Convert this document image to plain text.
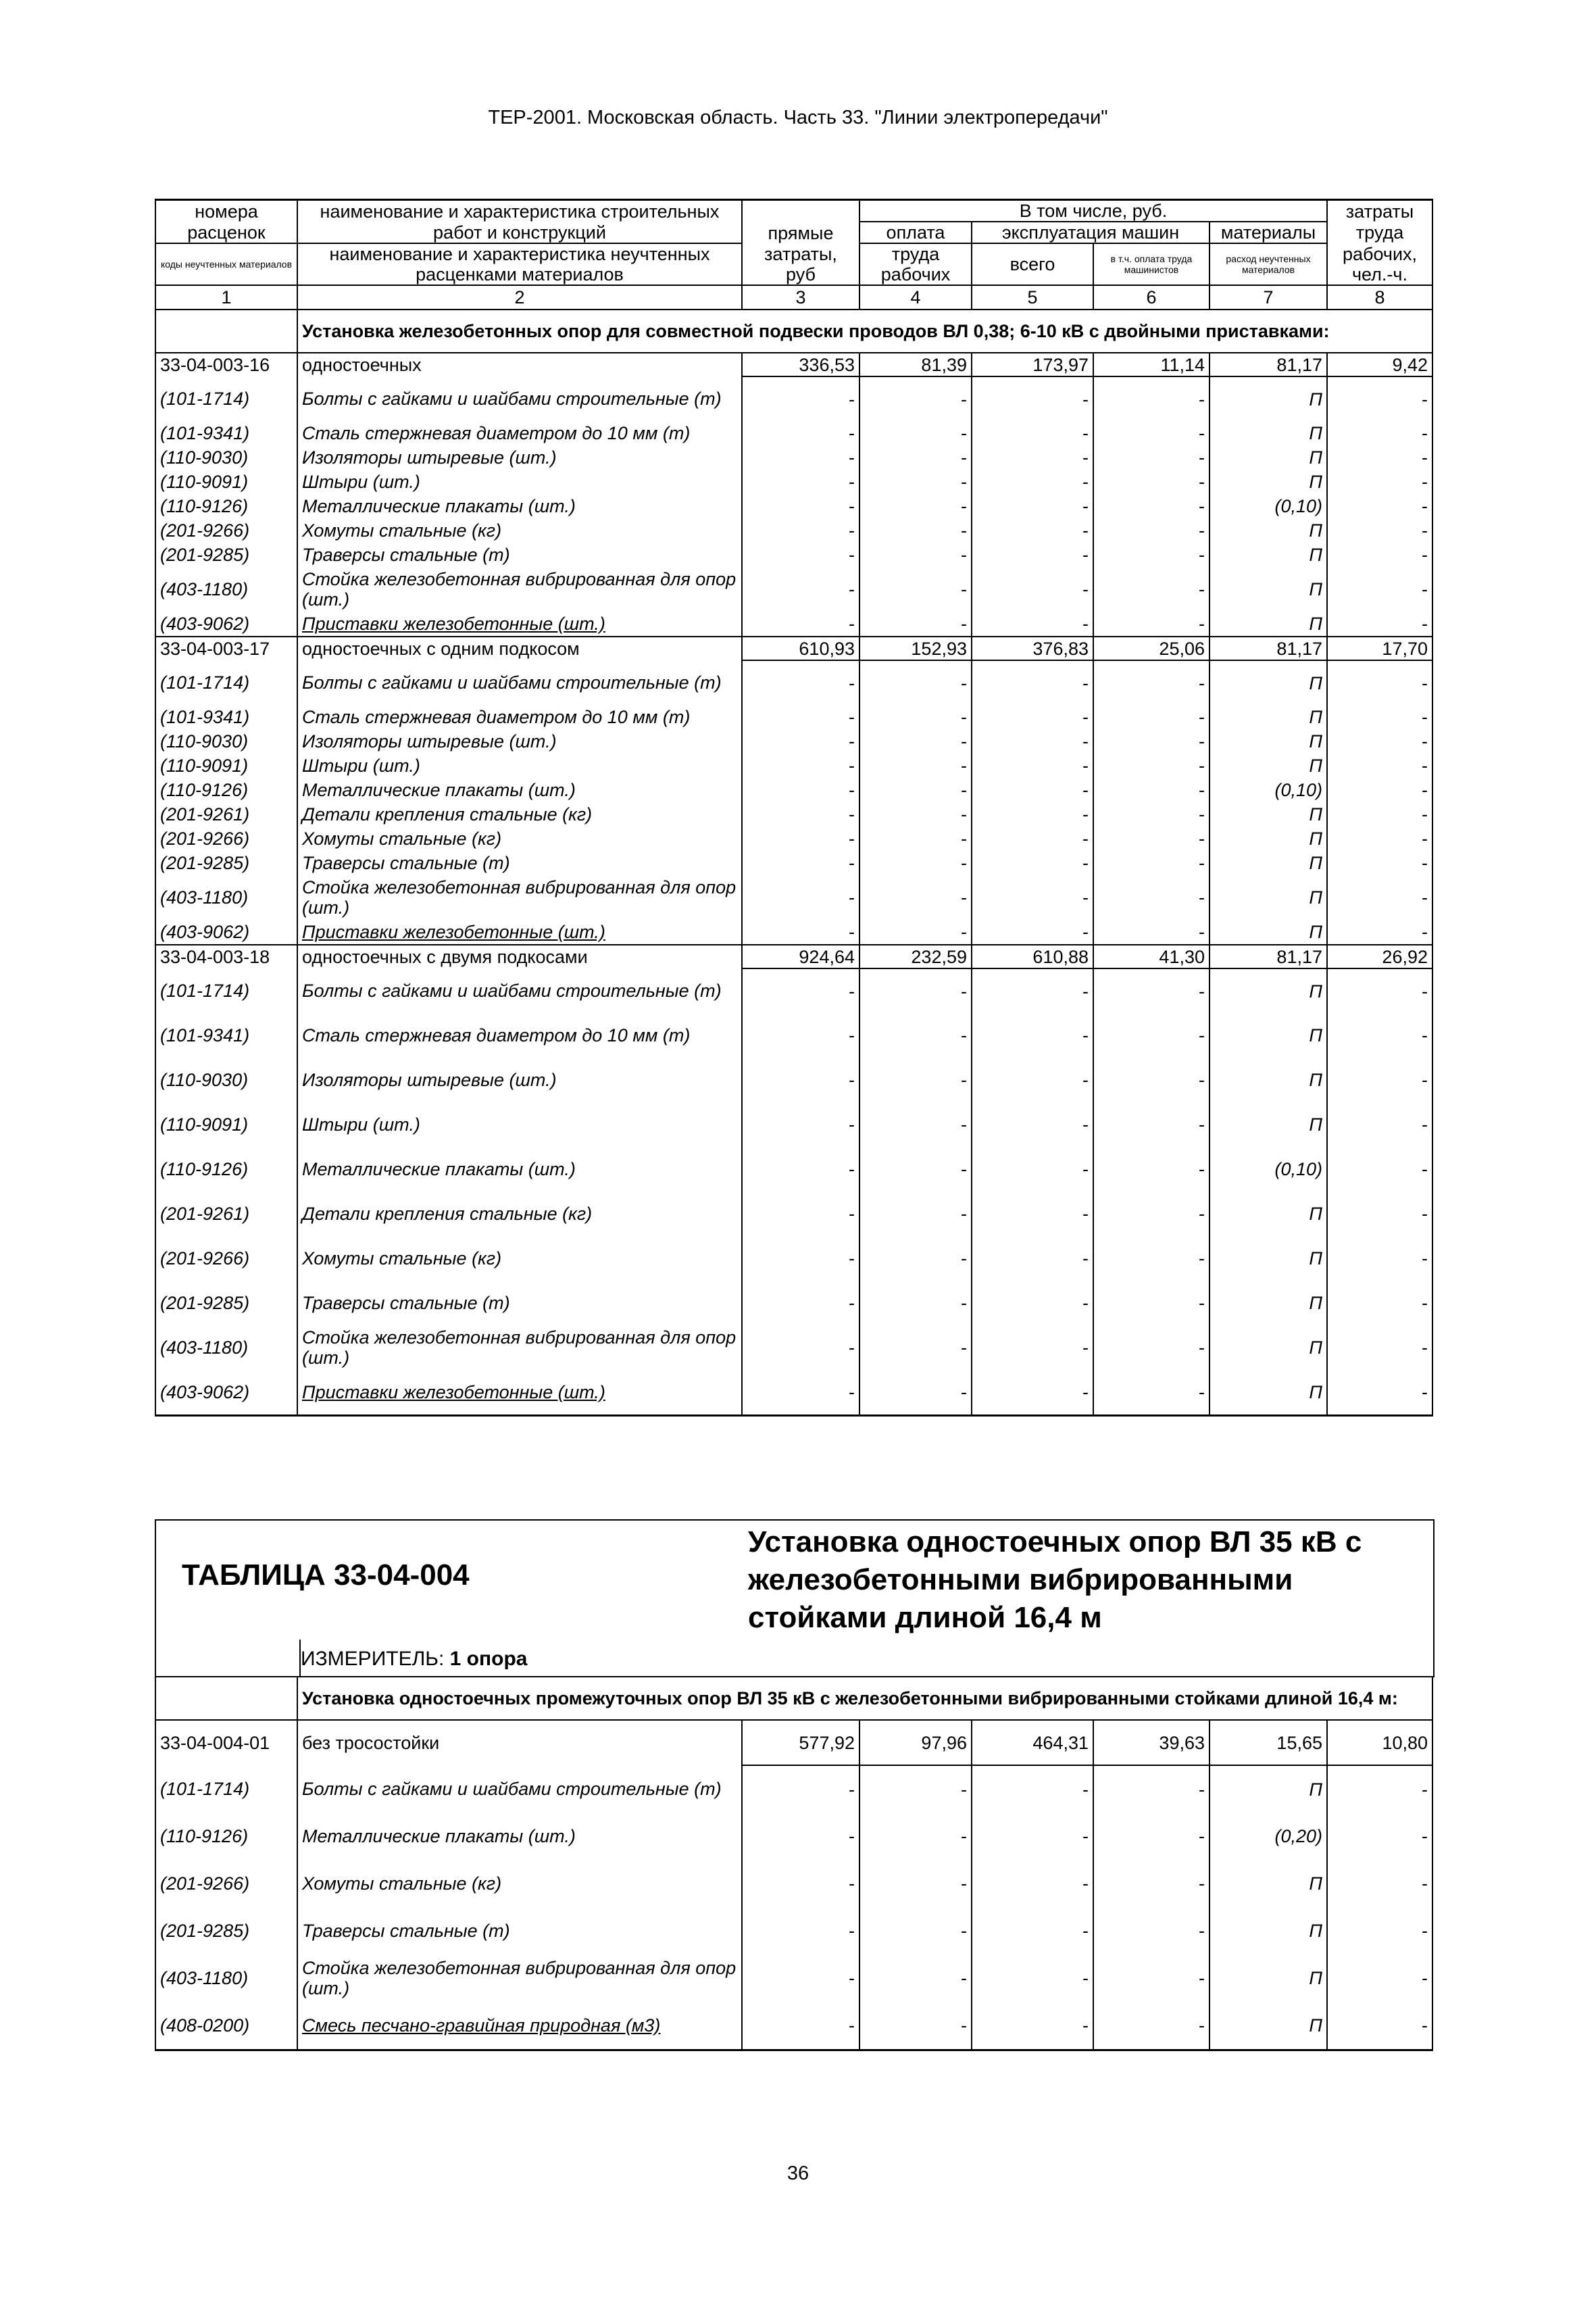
ТЕР-2001. Московская область. Часть 33. "Линии электропередачи"
номера	наименование и характеристика строительных	прямые	В том числе, руб.				затраты
расценок	работ и конструкций		оплата	эксплуатация машин		материалы	труда
коды неучтенных материалов	наименование и характеристика неучтенных	затраты,	труда	всего	в т.ч. оплата труда машинистов	расход неучтенных материалов	рабочих,
	расценками материалов	руб	рабочих				чел.-ч.
1	2	3	4	5	6	7	8
	Установка железобетонных опор для совместной подвески проводов ВЛ 0,38; 6-10 кВ с двойными приставками:						
33-04-003-16	одностоечных	336,53	81,39	173,97	11,14	81,17	9,42
(101-1714)	Болты с гайками и шайбами строительные (т)	-	-	-	-	П	-
(101-9341)	Сталь стержневая диаметром до 10 мм (т)	-	-	-	-	П	-
(110-9030)	Изоляторы штыревые (шт.)	-	-	-	-	П	-
(110-9091)	Штыри (шт.)	-	-	-	-	П	-
(110-9126)	Металлические плакаты (шт.)	-	-	-	-	(0,10)	-
(201-9266)	Хомуты стальные (кг)	-	-	-	-	П	-
(201-9285)	Траверсы стальные (т)	-	-	-	-	П	-
(403-1180)	Стойка железобетонная вибрированная для опор (шт.)	-	-	-	-	П	-
(403-9062)	Приставки железобетонные (шт.)	-	-	-	-	П	-
33-04-003-17	одностоечных с одним подкосом	610,93	152,93	376,83	25,06	81,17	17,70
(101-1714)	Болты с гайками и шайбами строительные (т)	-	-	-	-	П	-
(101-9341)	Сталь стержневая диаметром до 10 мм (т)	-	-	-	-	П	-
(110-9030)	Изоляторы штыревые (шт.)	-	-	-	-	П	-
(110-9091)	Штыри (шт.)	-	-	-	-	П	-
(110-9126)	Металлические плакаты (шт.)	-	-	-	-	(0,10)	-
(201-9261)	Детали крепления стальные (кг)	-	-	-	-	П	-
(201-9266)	Хомуты стальные (кг)	-	-	-	-	П	-
(201-9285)	Траверсы стальные (т)	-	-	-	-	П	-
(403-1180)	Стойка железобетонная вибрированная для опор (шт.)	-	-	-	-	П	-
(403-9062)	Приставки железобетонные (шт.)	-	-	-	-	П	-
33-04-003-18	одностоечных с двумя подкосами	924,64	232,59	610,88	41,30	81,17	26,92
(101-1714)	Болты с гайками и шайбами строительные (т)	-	-	-	-	П	-
(101-9341)	Сталь стержневая диаметром до 10 мм (т)	-	-	-	-	П	-
(110-9030)	Изоляторы штыревые (шт.)	-	-	-	-	П	-
(110-9091)	Штыри (шт.)	-	-	-	-	П	-
(110-9126)	Металлические плакаты (шт.)	-	-	-	-	(0,10)	-
(201-9261)	Детали крепления стальные (кг)	-	-	-	-	П	-
(201-9266)	Хомуты стальные (кг)	-	-	-	-	П	-
(201-9285)	Траверсы стальные (т)	-	-	-	-	П	-
(403-1180)	Стойка железобетонная вибрированная для опор (шт.)	-	-	-	-	П	-
(403-9062)	Приставки железобетонные (шт.)	-	-	-	-	П	-
ТАБЛИЦА 33-04-004
Установка одностоечных опор ВЛ 35 кВ с железобетонными вибрированными стойками длиной 16,4 м
ИЗМЕРИТЕЛЬ: 1 опора
	Установка одностоечных промежуточных опор ВЛ 35 кВ с железобетонными вибрированными стойками длиной 16,4 м:						
33-04-004-01	без тросостойки	577,92	97,96	464,31	39,63	15,65	10,80
(101-1714)	Болты с гайками и шайбами строительные (т)	-	-	-	-	П	-
(110-9126)	Металлические плакаты (шт.)	-	-	-	-	(0,20)	-
(201-9266)	Хомуты стальные (кг)	-	-	-	-	П	-
(201-9285)	Траверсы стальные (т)	-	-	-	-	П	-
(403-1180)	Стойка железобетонная вибрированная для опор (шт.)	-	-	-	-	П	-
(408-0200)	Смесь песчано-гравийная природная (м3)	-	-	-	-	П	-
36
